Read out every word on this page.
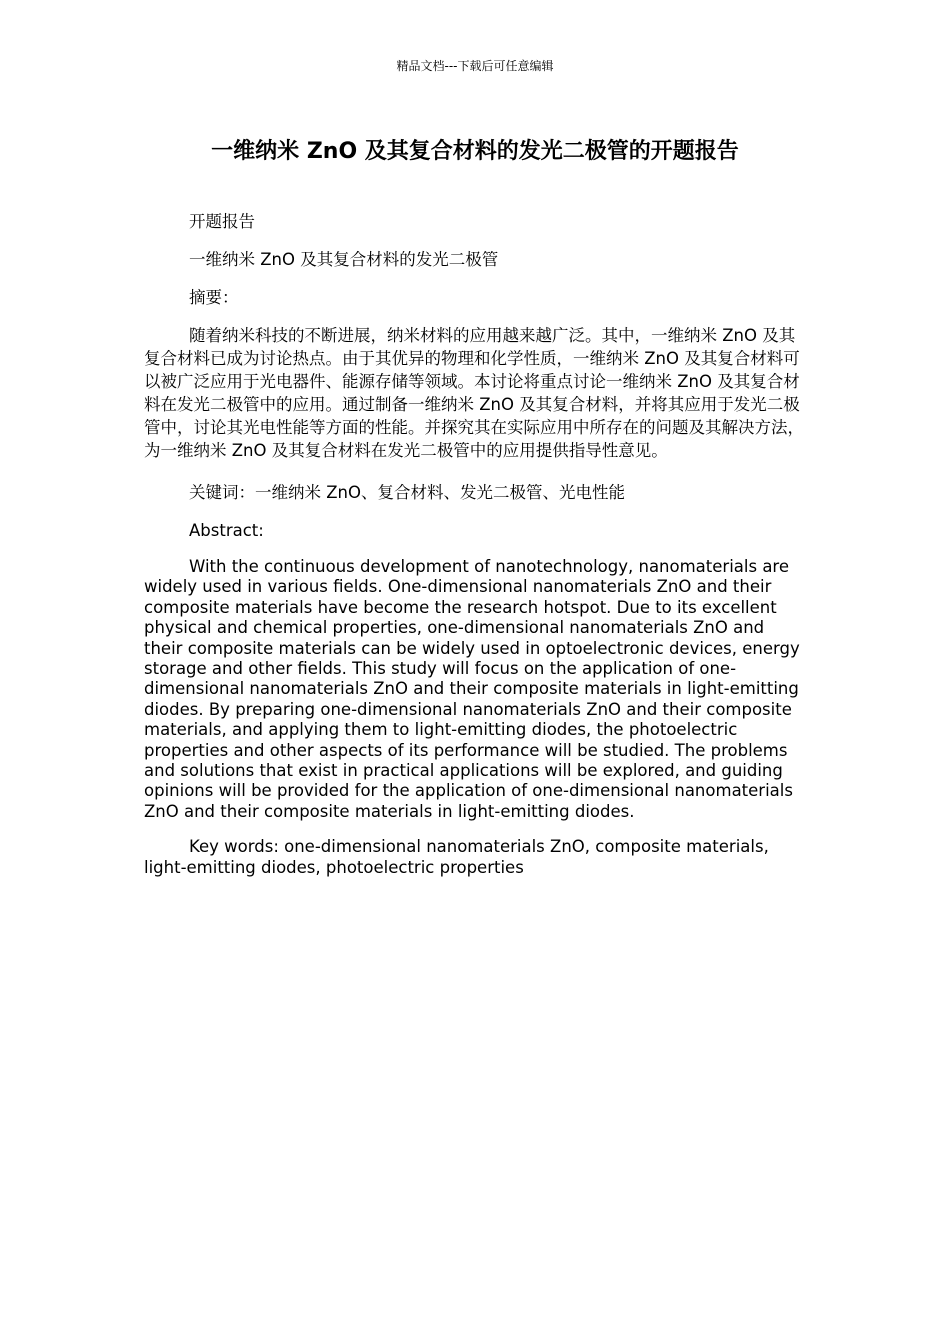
精品文档---下载后可任意编辑
一维纳米 ZnO 及其复合材料的发光二极管的开题报告

开题报告

一维纳米 ZnO 及其复合材料的发光二极管

摘要：

随着纳米科技的不断进展，纳米材料的应用越来越广泛。其中，一维纳米 ZnO 及其复合材料已成为讨论热点。由于其优异的物理和化学性质，一维纳米 ZnO 及其复合材料可以被广泛应用于光电器件、能源存储等领域。本讨论将重点讨论一维纳米 ZnO 及其复合材料在发光二极管中的应用。通过制备一维纳米 ZnO 及其复合材料，并将其应用于发光二极管中，讨论其光电性能等方面的性能。并探究其在实际应用中所存在的问题及其解决方法，为一维纳米 ZnO 及其复合材料在发光二极管中的应用提供指导性意见。

关键词：一维纳米 ZnO、复合材料、发光二极管、光电性能

Abstract:

With the continuous development of nanotechnology, nanomaterials are widely used in various fields. One-dimensional nanomaterials ZnO and their composite materials have become the research hotspot. Due to its excellent physical and chemical properties, one-dimensional nanomaterials ZnO and their composite materials can be widely used in optoelectronic devices, energy storage and other fields. This study will focus on the application of one-dimensional nanomaterials ZnO and their composite materials in light-emitting diodes. By preparing one-dimensional nanomaterials ZnO and their composite materials, and applying them to light-emitting diodes, the photoelectric properties and other aspects of its performance will be studied. The problems and solutions that exist in practical applications will be explored, and guiding opinions will be provided for the application of one-dimensional nanomaterials ZnO and their composite materials in light-emitting diodes.

Key words: one-dimensional nanomaterials ZnO, composite materials, light-emitting diodes, photoelectric properties
